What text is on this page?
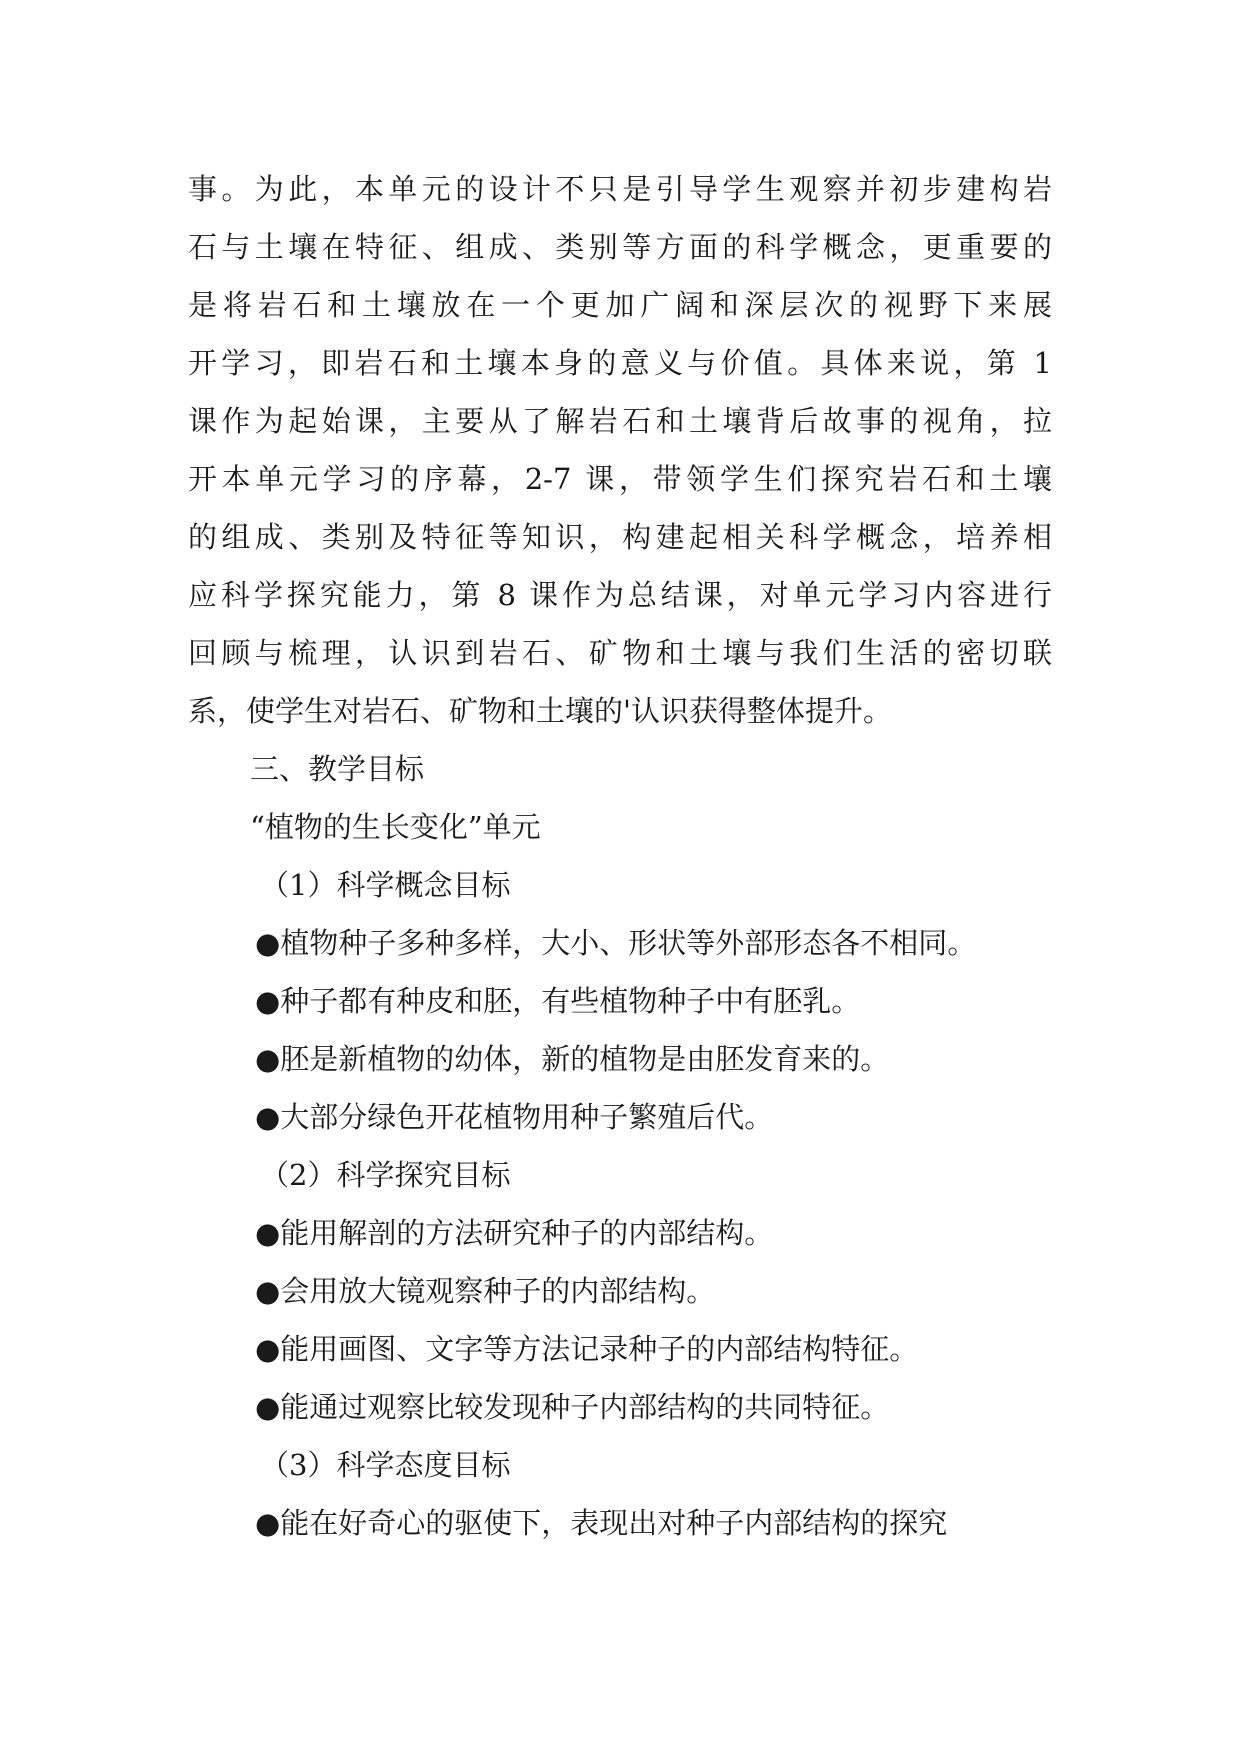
事。为此，本单元的设计不只是引导学生观察并初步建构岩
石与土壤在特征、组成、类别等方面的科学概念，更重要的
是将岩石和土壤放在一个更加广阔和深层次的视野下来展
开学习，即岩石和土壤本身的意义与价值。具体来说，第 1
课作为起始课，主要从了解岩石和土壤背后故事的视角，拉
开本单元学习的序幕，2-7 课，带领学生们探究岩石和土壤
的组成、类别及特征等知识，构建起相关科学概念，培养相
应科学探究能力，第 8 课作为总结课，对单元学习内容进行
回顾与梳理，认识到岩石、矿物和土壤与我们生活的密切联
系，使学生对岩石、矿物和土壤的'认识获得整体提升。
三、教学目标
“植物的生长变化”单元
（1）科学概念目标
●植物种子多种多样，大小、形状等外部形态各不相同。
●种子都有种皮和胚，有些植物种子中有胚乳。
●胚是新植物的幼体，新的植物是由胚发育来的。
●大部分绿色开花植物用种子繁殖后代。
（2）科学探究目标
●能用解剖的方法研究种子的内部结构。
●会用放大镜观察种子的内部结构。
●能用画图、文字等方法记录种子的内部结构特征。
●能通过观察比较发现种子内部结构的共同特征。
（3）科学态度目标
●能在好奇心的驱使下，表现出对种子内部结构的探究
